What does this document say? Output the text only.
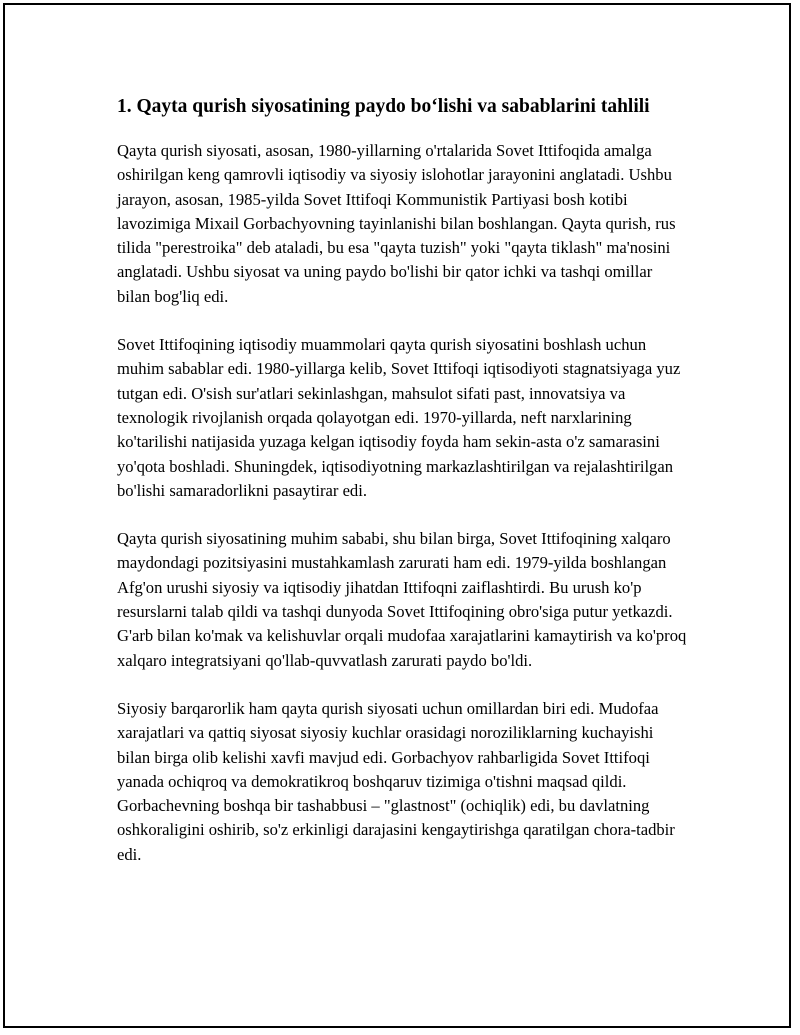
1. Qayta qurish siyosatining paydo bo‘lishi va sabablarini tahlili

Qayta qurish siyosati, asosan, 1980-yillarning o'rtalarida Sovet Ittifoqida amalga oshirilgan keng qamrovli iqtisodiy va siyosiy islohotlar jarayonini anglatadi. Ushbu jarayon, asosan, 1985-yilda Sovet Ittifoqi Kommunistik Partiyasi bosh kotibi lavozimiga Mixail Gorbachyovning tayinlanishi bilan boshlangan. Qayta qurish, rus tilida "perestroika" deb ataladi, bu esa "qayta tuzish" yoki "qayta tiklash" ma'nosini anglatadi. Ushbu siyosat va uning paydo bo'lishi bir qator ichki va tashqi omillar bilan bog'liq edi.

Sovet Ittifoqining iqtisodiy muammolari qayta qurish siyosatini boshlash uchun muhim sabablar edi. 1980-yillarga kelib, Sovet Ittifoqi iqtisodiyoti stagnatsiyaga yuz tutgan edi. O'sish sur'atlari sekinlashgan, mahsulot sifati past, innovatsiya va texnologik rivojlanish orqada qolayotgan edi. 1970-yillarda, neft narxlarining ko'tarilishi natijasida yuzaga kelgan iqtisodiy foyda ham sekin-asta o'z samarasini yo'qota boshladi. Shuningdek, iqtisodiyotning markazlashtirilgan va rejalashtirilgan bo'lishi samaradorlikni pasaytirar edi.

Qayta qurish siyosatining muhim sababi, shu bilan birga, Sovet Ittifoqining xalqaro maydondagi pozitsiyasini mustahkamlash zarurati ham edi. 1979-yilda boshlangan Afg'on urushi siyosiy va iqtisodiy jihatdan Ittifoqni zaiflashtirdi. Bu urush ko'p resurslarni talab qildi va tashqi dunyoda Sovet Ittifoqining obro'siga putur yetkazdi. G'arb bilan ko'mak va kelishuvlar orqali mudofaa xarajatlarini kamaytirish va ko'proq xalqaro integratsiyani qo'llab-quvvatlash zarurati paydo bo'ldi.

Siyosiy barqarorlik ham qayta qurish siyosati uchun omillardan biri edi. Mudofaa xarajatlari va qattiq siyosat siyosiy kuchlar orasidagi noroziliklarning kuchayishi bilan birga olib kelishi xavfi mavjud edi. Gorbachyov rahbarligida Sovet Ittifoqi yanada ochiqroq va demokratikroq boshqaruv tizimiga o'tishni maqsad qildi. Gorbachevning boshqa bir tashabbusi – "glastnost" (ochiqlik) edi, bu davlatning oshkoraligini oshirib, so'z erkinligi darajasini kengaytirishga qaratilgan chora-tadbir edi.
